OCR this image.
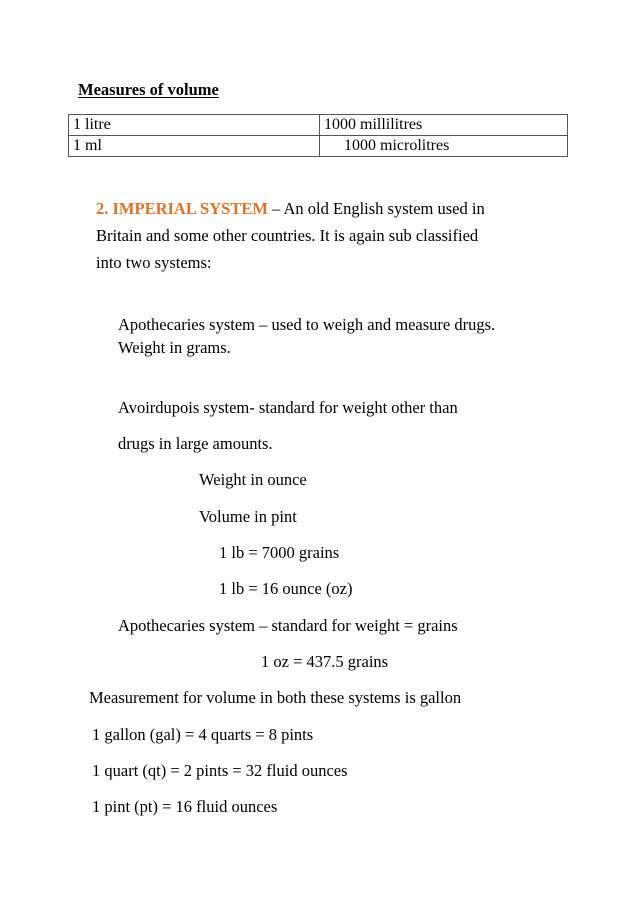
Measures of volume
1 litre	1000 millilitres
1 ml	1000 microlitres
2. IMPERIAL SYSTEM – An old English system used in
Britain and some other countries. It is again sub classified
into two systems:
Apothecaries system – used to weigh and measure drugs.
Weight in grams.
Avoirdupois system- standard for weight other than
drugs in large amounts.
Weight in ounce
Volume in pint
1 lb = 7000 grains
1 lb = 16 ounce (oz)
Apothecaries system – standard for weight = grains
1 oz = 437.5 grains
Measurement for volume in both these systems is gallon
1 gallon (gal) = 4 quarts = 8 pints
1 quart (qt) = 2 pints = 32 fluid ounces
1 pint (pt) = 16 fluid ounces
